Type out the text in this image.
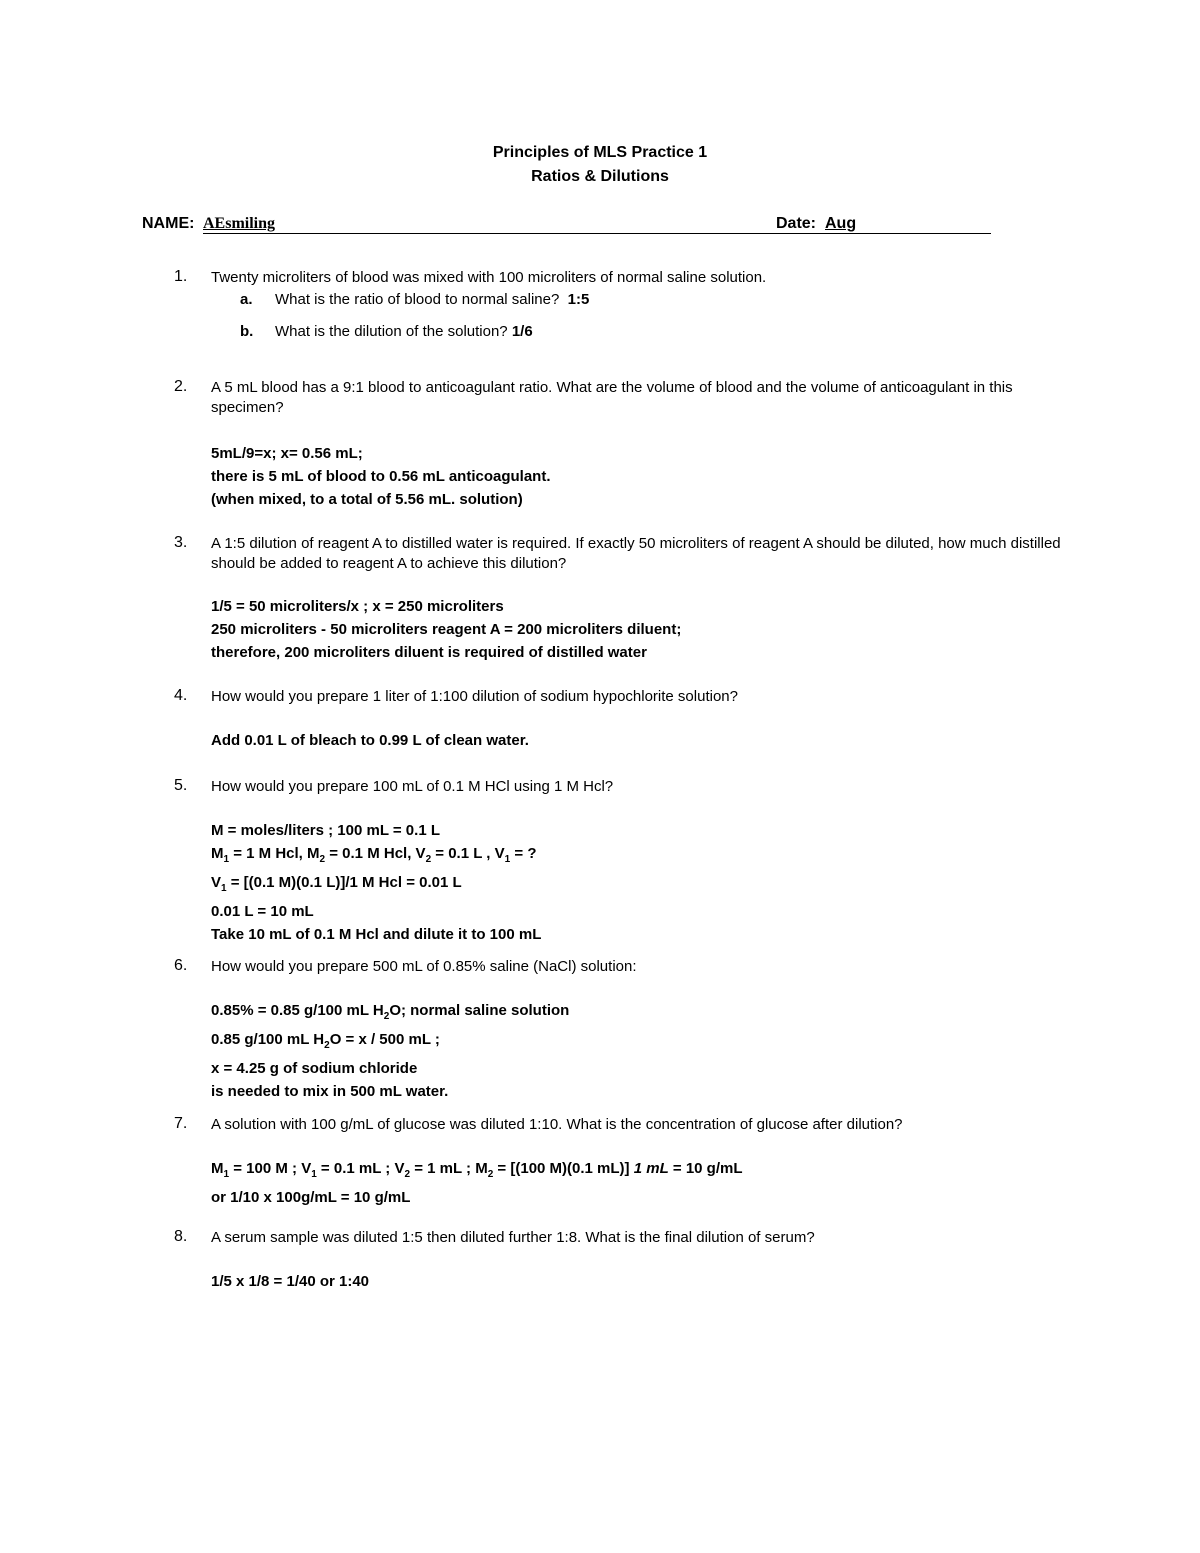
Principles of MLS Practice 1
Ratios & Dilutions
NAME: AEsmiling	Date: Aug
1. Twenty microliters of blood was mixed with 100 microliters of normal saline solution.
a. What is the ratio of blood to normal saline? 1:5
b. What is the dilution of the solution? 1/6
2. A 5 mL blood has a 9:1 blood to anticoagulant ratio. What are the volume of blood and the volume of anticoagulant in this specimen?
5mL/9=x; x= 0.56 mL;
there is 5 mL of blood to 0.56 mL anticoagulant.
(when mixed, to a total of 5.56 mL. solution)
3. A 1:5 dilution of reagent A to distilled water is required. If exactly 50 microliters of reagent A should be diluted, how much distilled should be added to reagent A to achieve this dilution?
1/5 = 50 microliters/x ; x = 250 microliters
250 microliters - 50 microliters reagent A = 200 microliters diluent;
therefore, 200 microliters diluent is required of distilled water
4. How would you prepare 1 liter of 1:100 dilution of sodium hypochlorite solution?
Add 0.01 L of bleach to 0.99 L of clean water.
5. How would you prepare 100 mL of 0.1 M HCl using 1 M Hcl?
M = moles/liters ; 100 mL = 0.1 L
$M_1 = 1$ M Hcl, $M_2 = 0.1$ M Hcl, $V_2 = 0.1$ L , $V_1$ = ?
$V_1 = [(0.1$ M)(0.1 L)]/1 M Hcl = 0.01 L
0.01 L = 10 mL
Take 10 mL of 0.1 M Hcl and dilute it to 100 mL
6. How would you prepare 500 mL of 0.85% saline (NaCl) solution:
0.85% = 0.85 g/100 mL $H_2O$; normal saline solution
0.85 g/100 mL $H_2O = x / 500$ mL ;
x = 4.25 g of sodium chloride
is needed to mix in 500 mL water.
7. A solution with 100 g/mL of glucose was diluted 1:10. What is the concentration of glucose after dilution?
$M_1 = 100$ M ; $V_1 = 0.1$ mL ; $V_2 = 1$ mL ; $M_2 = [(100$ M)(0.1 mL)] 1 mL = 10 g/mL
or 1/10 x 100g/mL = 10 g/mL
8. A serum sample was diluted 1:5 then diluted further 1:8. What is the final dilution of serum?
1/5 x 1/8 = 1/40 or 1:40
